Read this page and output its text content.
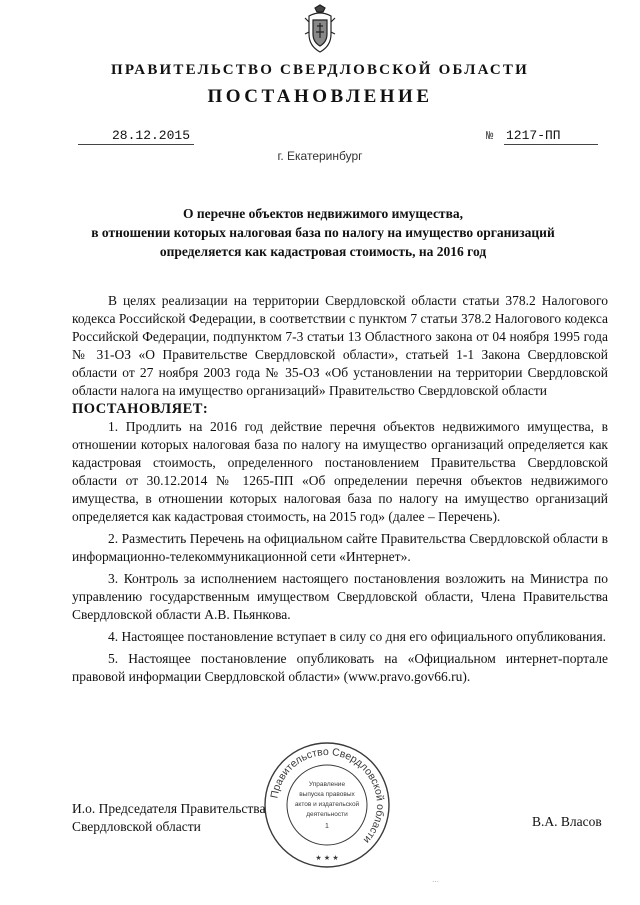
ПРАВИТЕЛЬСТВО СВЕРДЛОВСКОЙ ОБЛАСТИ
ПОСТАНОВЛЕНИЕ
28.12.2015	№ 1217-ПП
г. Екатеринбург
О перечне объектов недвижимого имущества,
в отношении которых налоговая база по налогу на имущество организаций
определяется как кадастровая стоимость, на 2016 год

В целях реализации на территории Свердловской области статьи 378.2 Налогового кодекса Российской Федерации, в соответствии с пунктом 7 статьи 378.2 Налогового кодекса Российской Федерации, подпунктом 7-3 статьи 13 Областного закона от 04 ноября 1995 года № 31-ОЗ «О Правительстве Свердловской области», статьей 1-1 Закона Свердловской области от 27 ноября 2003 года № 35-ОЗ «Об установлении на территории Свердловской области налога на имущество организаций» Правительство Свердловской области

ПОСТАНОВЛЯЕТ:

1. Продлить на 2016 год действие перечня объектов недвижимого имущества, в отношении которых налоговая база по налогу на имущество организаций определяется как кадастровая стоимость, определенного постановлением Правительства Свердловской области от 30.12.2014 № 1265-ПП «Об определении перечня объектов недвижимого имущества, в отношении которых налоговая база по налогу на имущество организаций определяется как кадастровая стоимость, на 2015 год» (далее – Перечень).

2. Разместить Перечень на официальном сайте Правительства Свердловской области в информационно-телекоммуникационной сети «Интернет».

3. Контроль за исполнением настоящего постановления возложить на Министра по управлению государственным имуществом Свердловской области, Члена Правительства Свердловской области А.В. Пьянкова.

4. Настоящее постановление вступает в силу со дня его официального опубликования.

5. Настоящее постановление опубликовать на «Официальном интернет-портале правовой информации Свердловской области» (www.pravo.gov66.ru).

Правительство Свердловской области
Управление
выпуска правовых
актов и издательской
деятельности
1
★ ★ ★
И.о. Председателя Правительства
Свердловской области	В.А. Власов
…
